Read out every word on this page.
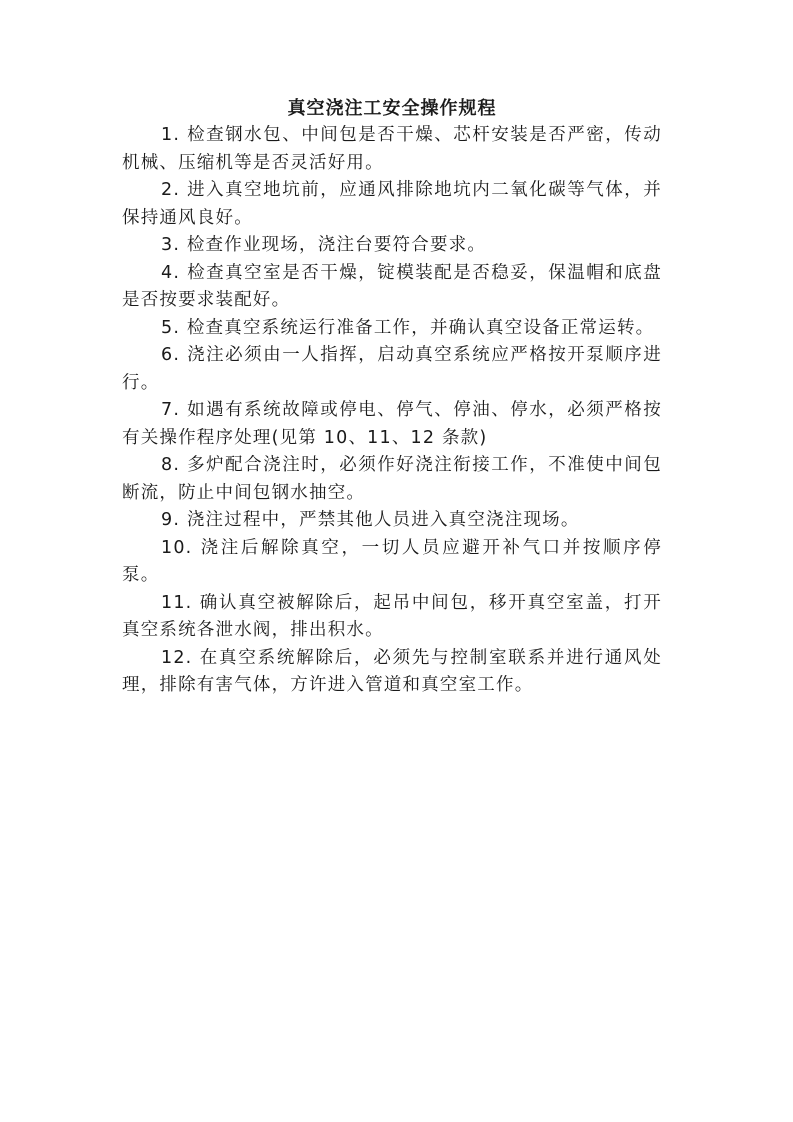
真空浇注工安全操作规程

1. 检查钢水包、中间包是否干燥、芯杆安装是否严密，传动机械、压缩机等是否灵活好用。

2. 进入真空地坑前，应通风排除地坑内二氧化碳等气体，并保持通风良好。

3. 检查作业现场，浇注台要符合要求。

4. 检查真空室是否干燥，锭模装配是否稳妥，保温帽和底盘是否按要求装配好。

5. 检查真空系统运行准备工作，并确认真空设备正常运转。

6. 浇注必须由一人指挥，启动真空系统应严格按开泵顺序进行。

7. 如遇有系统故障或停电、停气、停油、停水，必须严格按有关操作程序处理(见第 10、11、12 条款)

8. 多炉配合浇注时，必须作好浇注衔接工作，不准使中间包断流，防止中间包钢水抽空。

9. 浇注过程中，严禁其他人员进入真空浇注现场。

10. 浇注后解除真空，一切人员应避开补气口并按顺序停泵。

11. 确认真空被解除后，起吊中间包，移开真空室盖，打开真空系统各泄水阀，排出积水。

12. 在真空系统解除后，必须先与控制室联系并进行通风处理，排除有害气体，方许进入管道和真空室工作。
